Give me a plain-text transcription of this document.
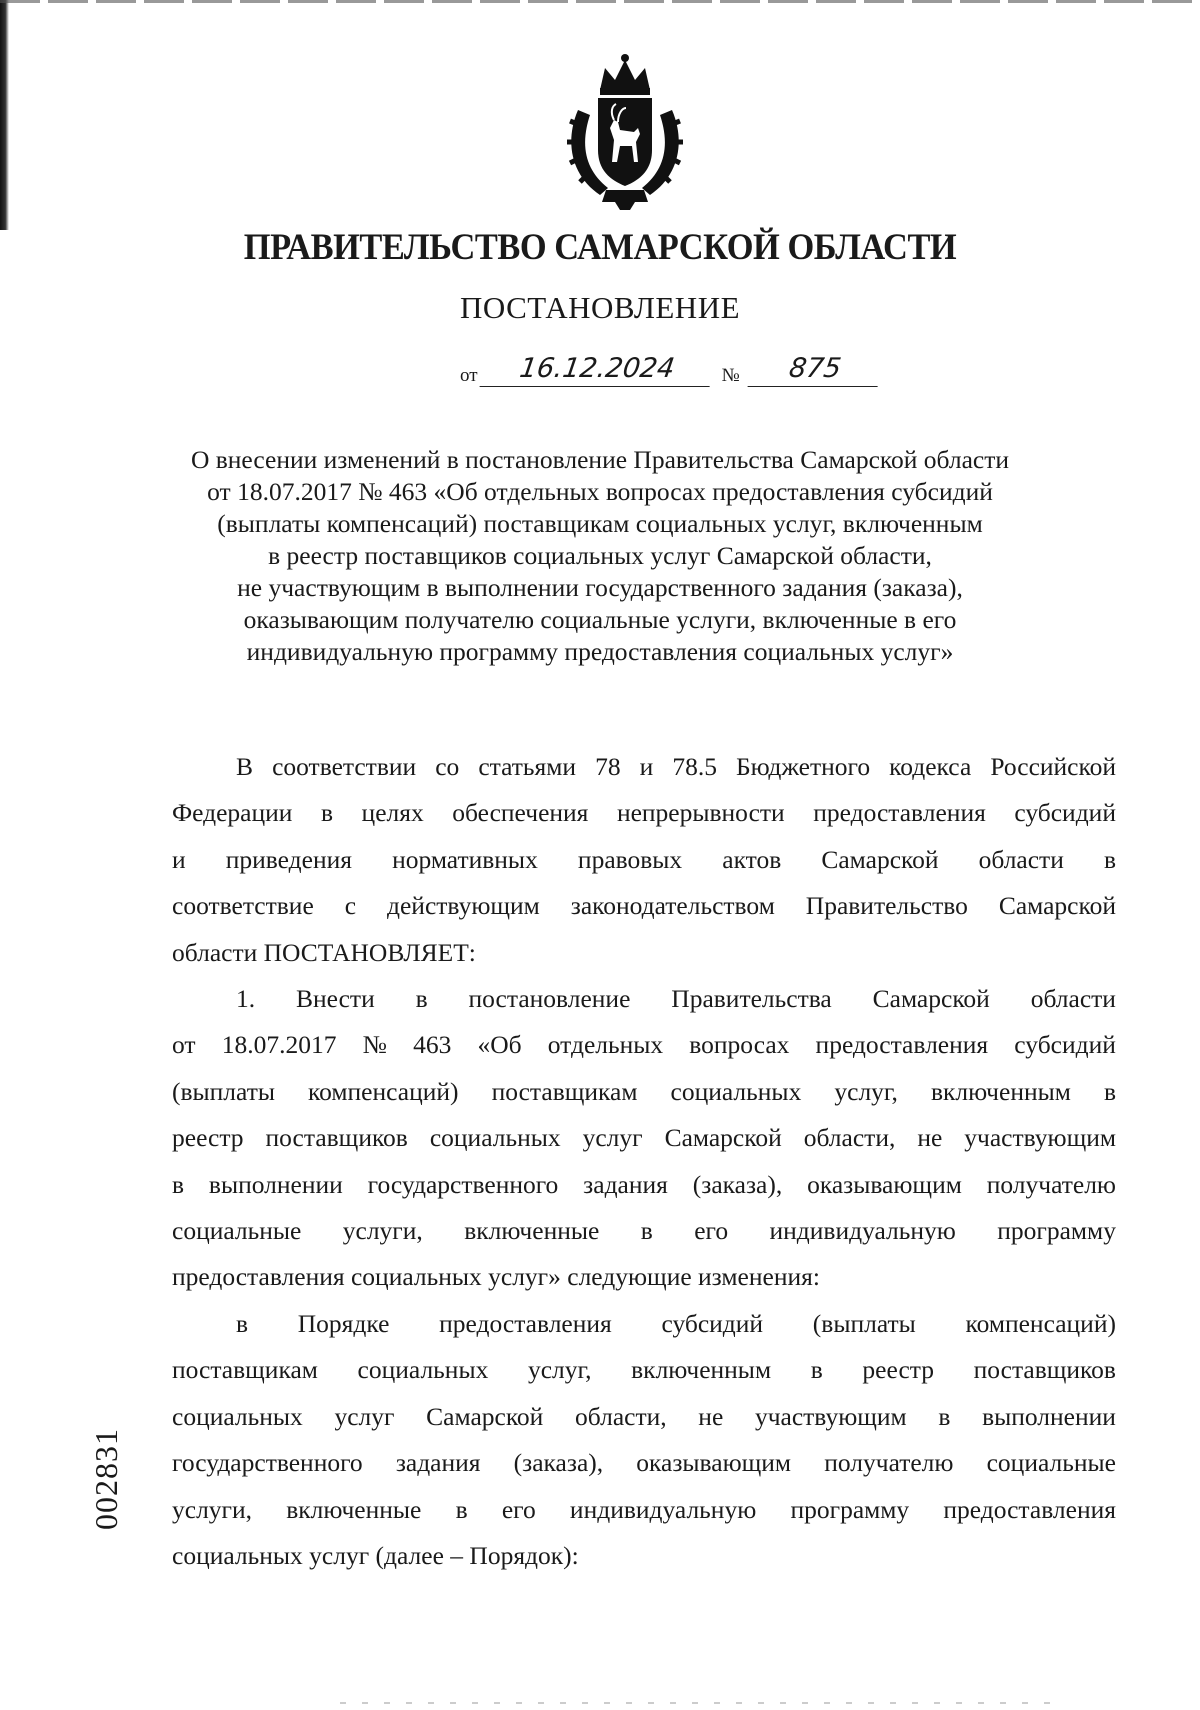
ПРАВИТЕЛЬСТВО САМАРСКОЙ ОБЛАСТИ
ПОСТАНОВЛЕНИЕ
от 16.12.2024 № 875
О внесении изменений в постановление Правительства Самарской области
от 18.07.2017 № 463 «Об отдельных вопросах предоставления субсидий
(выплаты компенсаций) поставщикам социальных услуг, включенным
в реестр поставщиков социальных услуг Самарской области,
не участвующим в выполнении государственного задания (заказа),
оказывающим получателю социальные услуги, включенные в его
индивидуальную программу предоставления социальных услуг»
В соответствии со статьями 78 и 78.5 Бюджетного кодекса Российской
Федерации в целях обеспечения непрерывности предоставления субсидий
и приведения нормативных правовых актов Самарской области в
соответствие с действующим законодательством Правительство Самарской
области ПОСТАНОВЛЯЕТ:
1. Внести в постановление Правительства Самарской области
от 18.07.2017 № 463 «Об отдельных вопросах предоставления субсидий
(выплаты компенсаций) поставщикам социальных услуг, включенным в
реестр поставщиков социальных услуг Самарской области, не участвующим
в выполнении государственного задания (заказа), оказывающим получателю
социальные услуги, включенные в его индивидуальную программу
предоставления социальных услуг» следующие изменения:
в Порядке предоставления субсидий (выплаты компенсаций)
поставщикам социальных услуг, включенным в реестр поставщиков
социальных услуг Самарской области, не участвующим в выполнении
государственного задания (заказа), оказывающим получателю социальные
услуги, включенные в его индивидуальную программу предоставления
социальных услуг (далее – Порядок):
002831
